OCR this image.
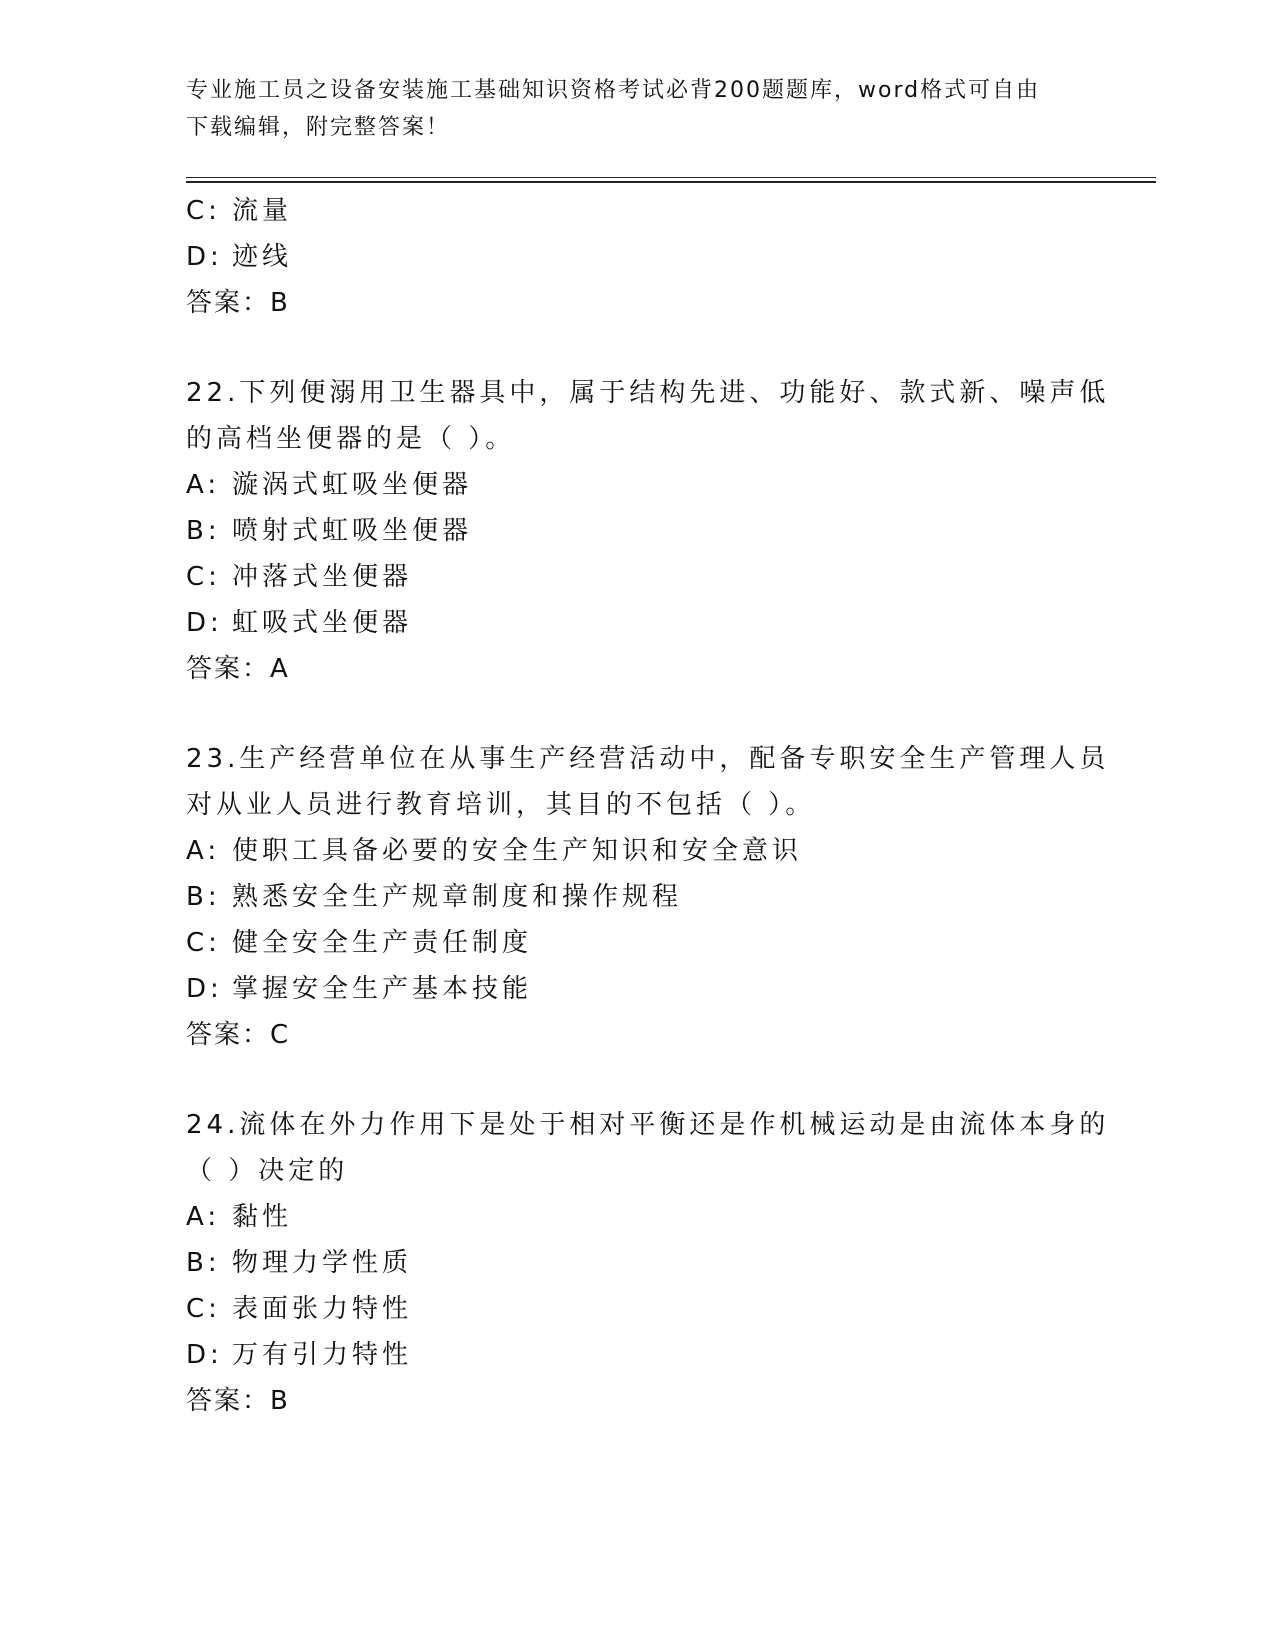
专业施工员之设备安装施工基础知识资格考试必背200题题库，word格式可自由
下载编辑，附完整答案！
C: 流量
D: 迹线
答案：B
22.下列便溺用卫生器具中，属于结构先进、功能好、款式新、噪声低
的高档坐便器的是（ ）。
A: 漩涡式虹吸坐便器
B: 喷射式虹吸坐便器
C: 冲落式坐便器
D: 虹吸式坐便器
答案：A
23.生产经营单位在从事生产经营活动中，配备专职安全生产管理人员
对从业人员进行教育培训，其目的不包括（ ）。
A: 使职工具备必要的安全生产知识和安全意识
B: 熟悉安全生产规章制度和操作规程
C: 健全安全生产责任制度
D: 掌握安全生产基本技能
答案：C
24.流体在外力作用下是处于相对平衡还是作机械运动是由流体本身的
（ ）决定的
A: 黏性
B: 物理力学性质
C: 表面张力特性
D: 万有引力特性
答案：B
